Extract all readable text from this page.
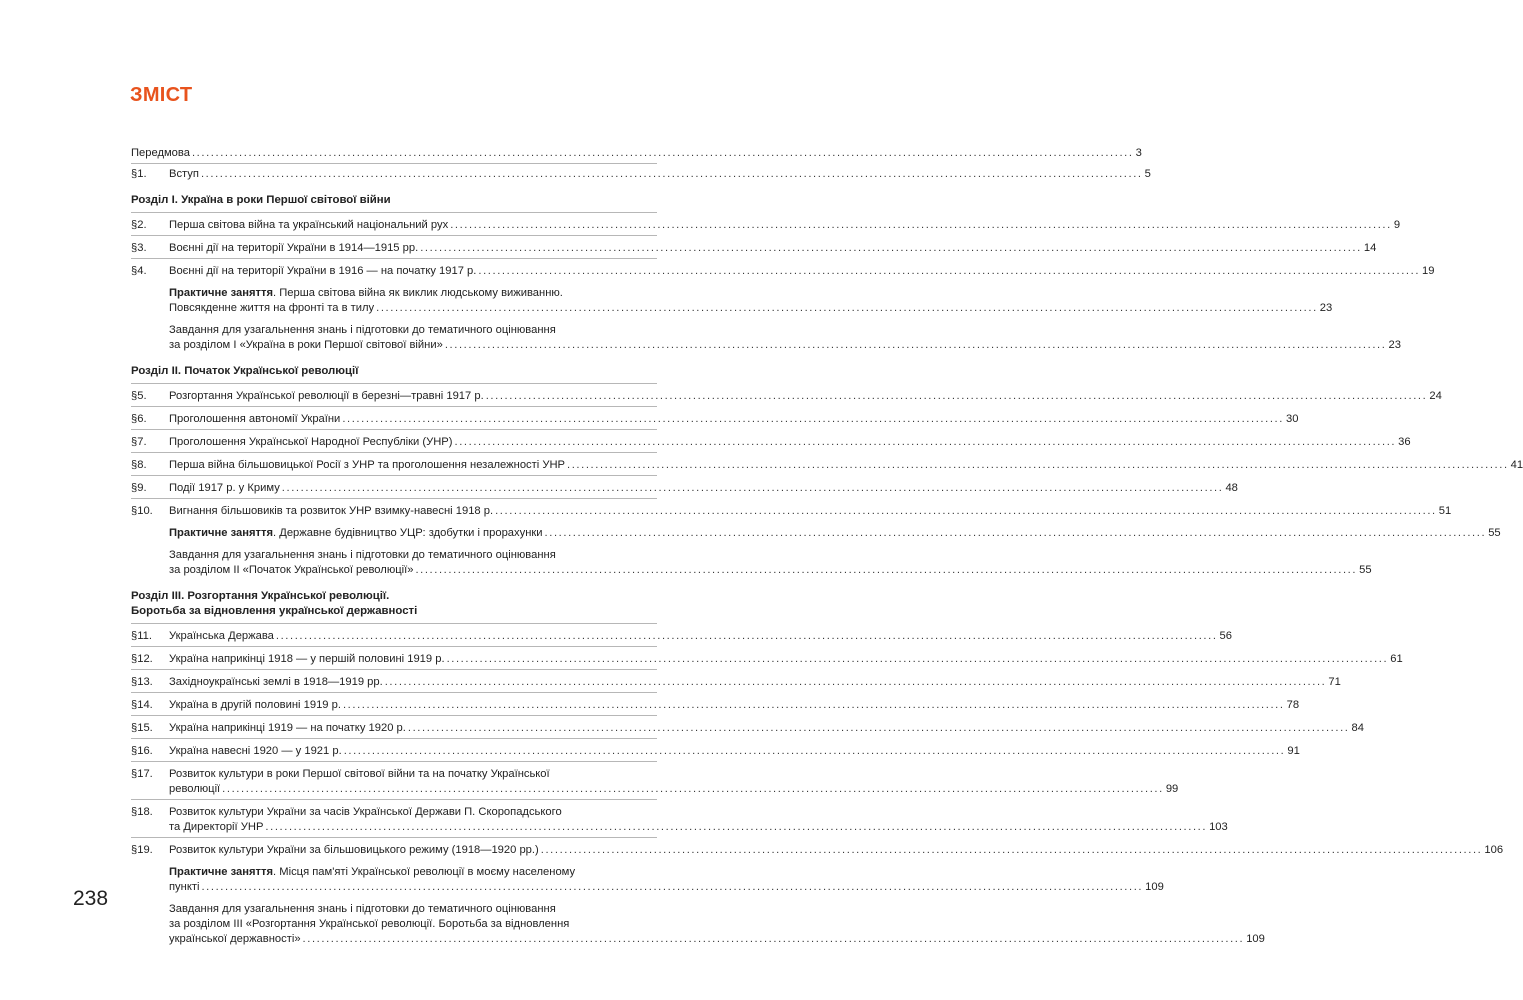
ЗМІСТ
Передмова ........................................................................................................................................................................................................ 3
§1.	Вступ ........................................................................................................................................................................................................ 5
Розділ І. Україна в роки Першої світової війни
§2.	Перша світова війна та український національний рух ........................................................................................................................................................................................................ 9
§3.	Воєнні дії на території України в 1914—1915 рр. ........................................................................................................................................................................................................ 14
§4.	Воєнні дії на території України в 1916 — на початку 1917 р. ........................................................................................................................................................................................................ 19
Практичне заняття. Перша світова війна як виклик людському виживанню.
Повсякденне життя на фронті та в тилу ........................................................................................................................................................................................................ 23
Завдання для узагальнення знань і підготовки до тематичного оцінювання
за розділом І «Україна в роки Першої світової війни» ........................................................................................................................................................................................................ 23
Розділ ІІ. Початок Української революції
§5.	Розгортання Української революції в березні—травні 1917 р. ........................................................................................................................................................................................................ 24
§6.	Проголошення автономії України ........................................................................................................................................................................................................ 30
§7.	Проголошення Української Народної Республіки (УНР) ........................................................................................................................................................................................................ 36
§8.	Перша війна більшовицької Росії з УНР та проголошення незалежності УНР ........................................................................................................................................................................................................ 41
§9.	Події 1917 р. у Криму ........................................................................................................................................................................................................ 48
§10.	Вигнання більшовиків та розвиток УНР взимку-навесні 1918 р. ........................................................................................................................................................................................................ 51
Практичне заняття. Державне будівництво УЦР: здобутки і прорахунки ........................................................................................................................................................................................................ 55
Завдання для узагальнення знань і підготовки до тематичного оцінювання
за розділом ІІ «Початок Української революції» ........................................................................................................................................................................................................ 55
Розділ ІІІ. Розгортання Української революції.
Боротьба за відновлення української державності
§11.	Українська Держава ........................................................................................................................................................................................................ 56
§12.	Україна наприкінці 1918 — у першій половині 1919 р. ........................................................................................................................................................................................................ 61
§13.	Західноукраїнські землі в 1918—1919 рр. ........................................................................................................................................................................................................ 71
§14.	Україна в другій половині 1919 р. ........................................................................................................................................................................................................ 78
§15.	Україна наприкінці 1919 — на початку 1920 р. ........................................................................................................................................................................................................ 84
§16.	Україна навесні 1920 — у 1921 р. ........................................................................................................................................................................................................ 91
§17.	Розвиток культури в роки Першої світової війни та на початку Української
революції ........................................................................................................................................................................................................ 99
§18.	Розвиток культури України за часів Української Держави П. Скоропадського
та Директорії УНР ........................................................................................................................................................................................................ 103
§19.	Розвиток культури України за більшовицького режиму (1918—1920 рр.) ........................................................................................................................................................................................................ 106
Практичне заняття. Місця пам'яті Української революції в моєму населеному
пункті ........................................................................................................................................................................................................ 109
Завдання для узагальнення знань і підготовки до тематичного оцінювання
за розділом ІІІ «Розгортання Української революції. Боротьба за відновлення
української державності» ........................................................................................................................................................................................................ 109
238
